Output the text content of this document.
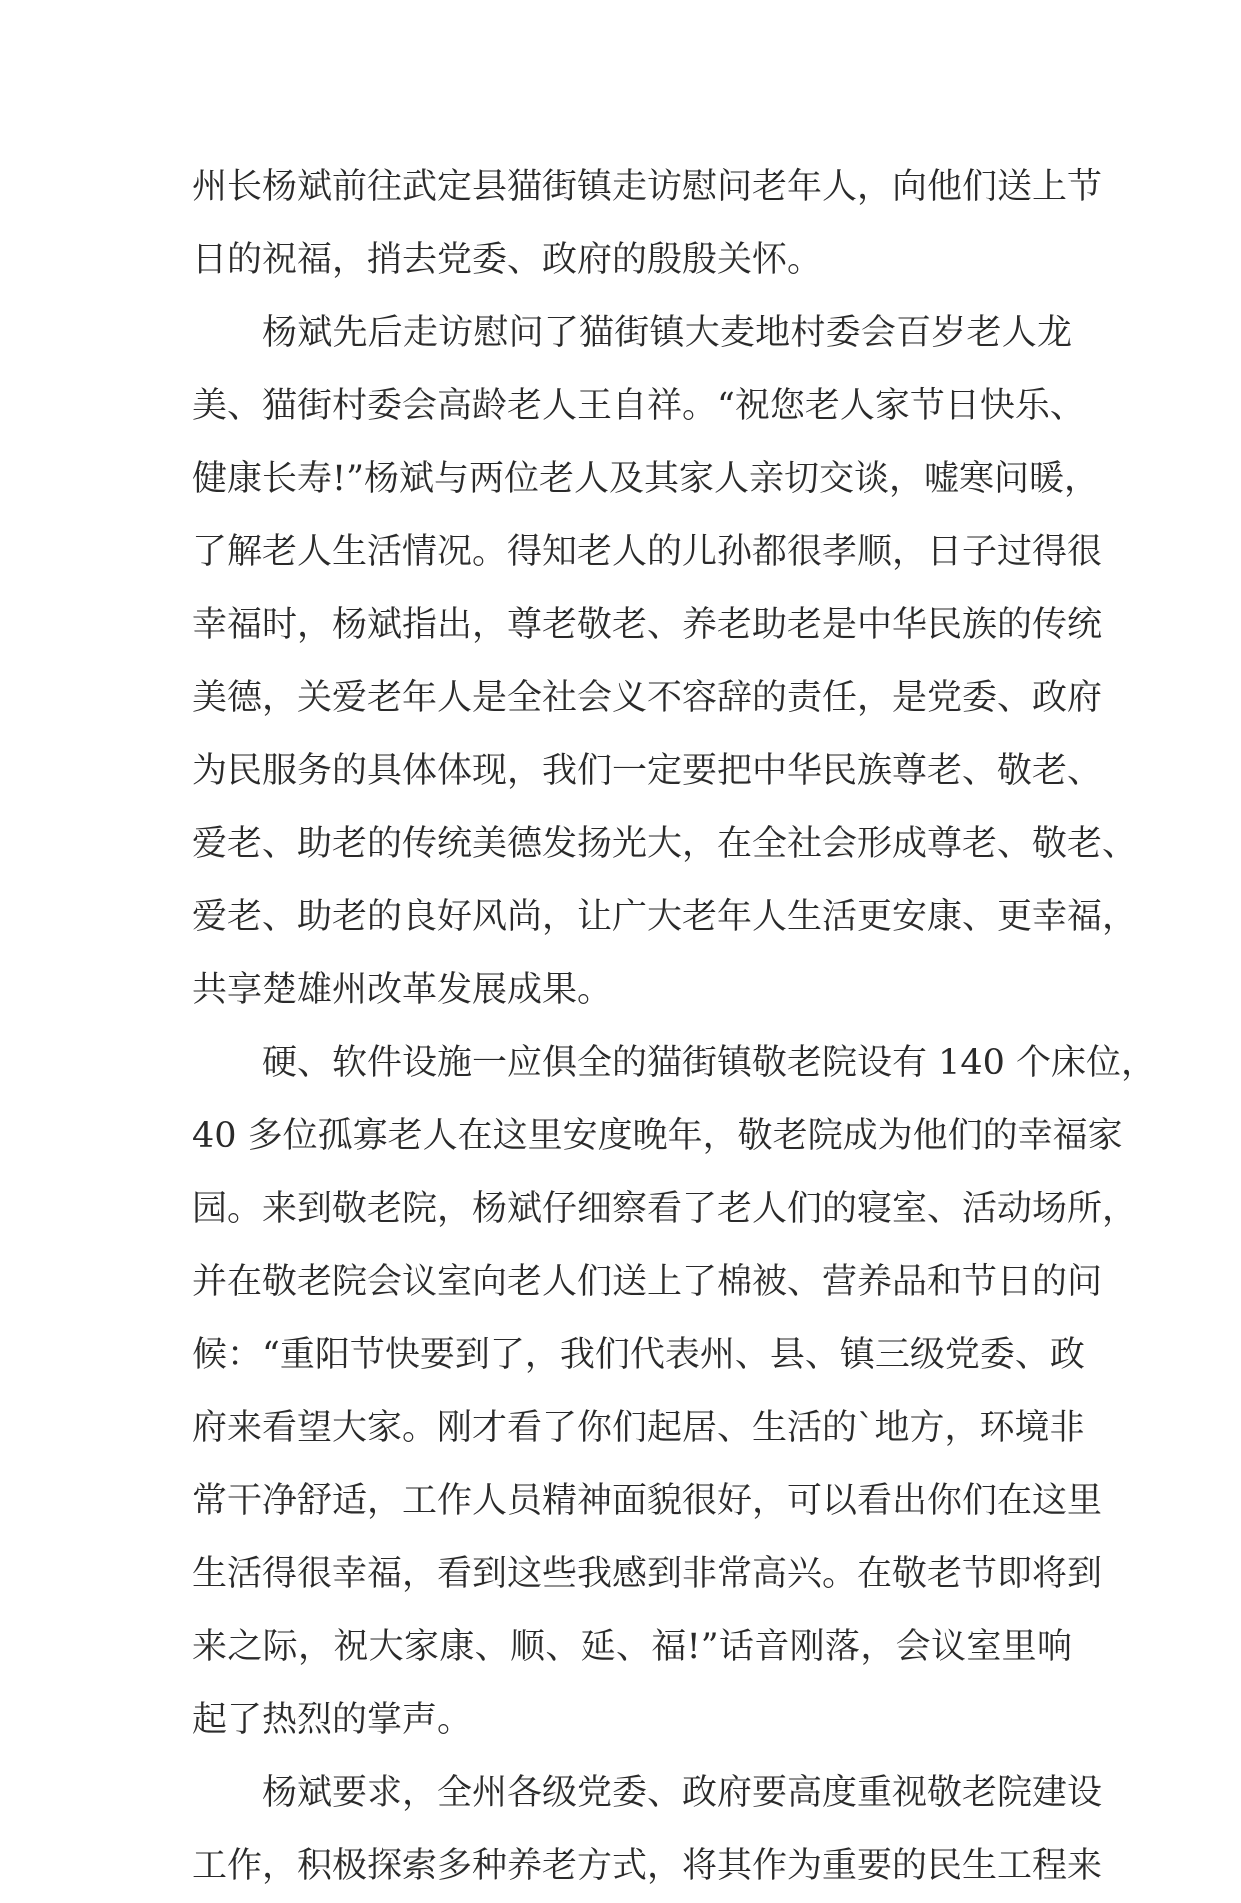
州长杨斌前往武定县猫街镇走访慰问老年人，向他们送上节
日的祝福，捎去党委、政府的殷殷关怀。
杨斌先后走访慰问了猫街镇大麦地村委会百岁老人龙
美、猫街村委会高龄老人王自祥。“祝您老人家节日快乐、
健康长寿!”杨斌与两位老人及其家人亲切交谈，嘘寒问暖，
了解老人生活情况。得知老人的儿孙都很孝顺，日子过得很
幸福时，杨斌指出，尊老敬老、养老助老是中华民族的传统
美德，关爱老年人是全社会义不容辞的责任，是党委、政府
为民服务的具体体现，我们一定要把中华民族尊老、敬老、
爱老、助老的传统美德发扬光大，在全社会形成尊老、敬老、
爱老、助老的良好风尚，让广大老年人生活更安康、更幸福，
共享楚雄州改革发展成果。
硬、软件设施一应俱全的猫街镇敬老院设有 140 个床位，
40 多位孤寡老人在这里安度晚年，敬老院成为他们的幸福家
园。来到敬老院，杨斌仔细察看了老人们的寝室、活动场所，
并在敬老院会议室向老人们送上了棉被、营养品和节日的问
候：“重阳节快要到了，我们代表州、县、镇三级党委、政
府来看望大家。刚才看了你们起居、生活的`地方，环境非
常干净舒适，工作人员精神面貌很好，可以看出你们在这里
生活得很幸福，看到这些我感到非常高兴。在敬老节即将到
来之际，祝大家康、顺、延、福!”话音刚落，会议室里响
起了热烈的掌声。
杨斌要求，全州各级党委、政府要高度重视敬老院建设
工作，积极探索多种养老方式，将其作为重要的民生工程来
